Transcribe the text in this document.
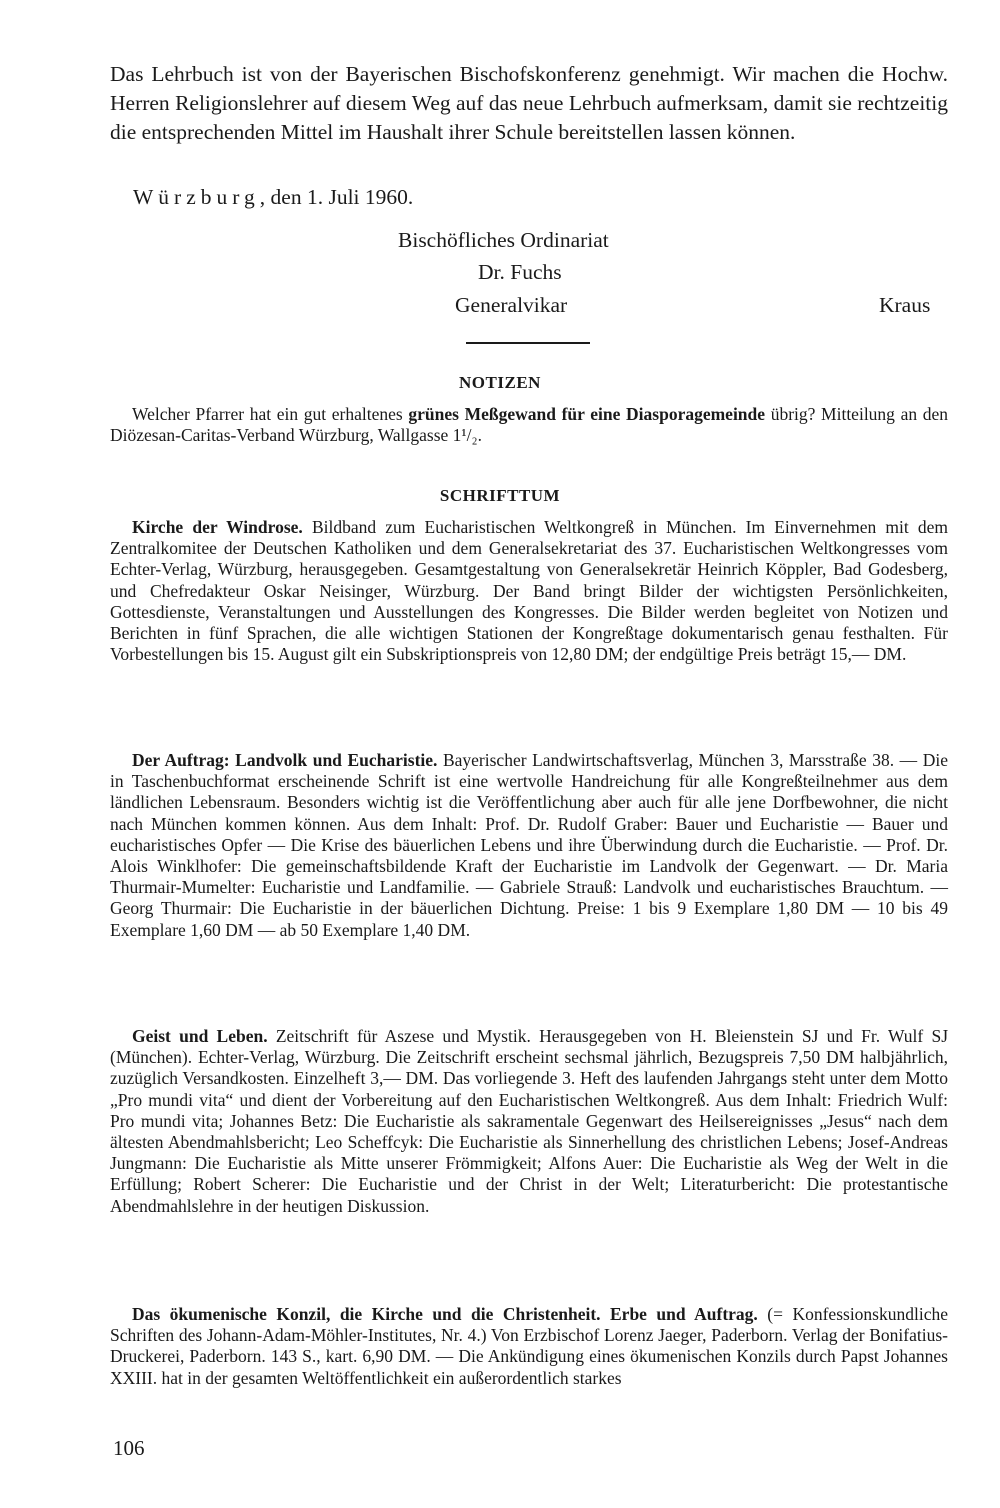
Das Lehrbuch ist von der Bayerischen Bischofskonferenz genehmigt. Wir machen die Hochw. Herren Religionslehrer auf diesem Weg auf das neue Lehrbuch aufmerksam, damit sie rechtzeitig die entsprechenden Mittel im Haushalt ihrer Schule bereitstellen lassen können.

Würzburg, den 1. Juli 1960.

Bischöfliches Ordinariat

Dr. Fuchs

Generalvikar	Kraus

NOTIZEN

Welcher Pfarrer hat ein gut erhaltenes grünes Meßgewand für eine Diasporagemeinde übrig? Mitteilung an den Diözesan-Caritas-Verband Würzburg, Wallgasse 1¹/₂.

SCHRIFTTUM

Kirche der Windrose. Bildband zum Eucharistischen Weltkongreß in München. Im Einvernehmen mit dem Zentralkomitee der Deutschen Katholiken und dem Generalsekretariat des 37. Eucharistischen Weltkongresses vom Echter-Verlag, Würzburg, herausgegeben. Gesamtgestaltung von Generalsekretär Heinrich Köppler, Bad Godesberg, und Chefredakteur Oskar Neisinger, Würzburg. Der Band bringt Bilder der wichtigsten Persönlichkeiten, Gottesdienste, Veranstaltungen und Ausstellungen des Kongresses. Die Bilder werden begleitet von Notizen und Berichten in fünf Sprachen, die alle wichtigen Stationen der Kongreßtage dokumentarisch genau festhalten. Für Vorbestellungen bis 15. August gilt ein Subskriptionspreis von 12,80 DM; der endgültige Preis beträgt 15,— DM.

Der Auftrag: Landvolk und Eucharistie. Bayerischer Landwirtschaftsverlag, München 3, Marsstraße 38. — Die in Taschenbuchformat erscheinende Schrift ist eine wertvolle Handreichung für alle Kongreßteilnehmer aus dem ländlichen Lebensraum. Besonders wichtig ist die Veröffentlichung aber auch für alle jene Dorfbewohner, die nicht nach München kommen können. Aus dem Inhalt: Prof. Dr. Rudolf Graber: Bauer und Eucharistie — Bauer und eucharistisches Opfer — Die Krise des bäuerlichen Lebens und ihre Überwindung durch die Eucharistie. — Prof. Dr. Alois Winklhofer: Die gemeinschaftsbildende Kraft der Eucharistie im Landvolk der Gegenwart. — Dr. Maria Thurmair-Mumelter: Eucharistie und Landfamilie. — Gabriele Strauß: Landvolk und eucharistisches Brauchtum. — Georg Thurmair: Die Eucharistie in der bäuerlichen Dichtung. Preise: 1 bis 9 Exemplare 1,80 DM — 10 bis 49 Exemplare 1,60 DM — ab 50 Exemplare 1,40 DM.

Geist und Leben. Zeitschrift für Aszese und Mystik. Herausgegeben von H. Bleienstein SJ und Fr. Wulf SJ (München). Echter-Verlag, Würzburg. Die Zeitschrift erscheint sechsmal jährlich, Bezugspreis 7,50 DM halbjährlich, zuzüglich Versandkosten. Einzelheft 3,— DM. Das vorliegende 3. Heft des laufenden Jahrgangs steht unter dem Motto „Pro mundi vita“ und dient der Vorbereitung auf den Eucharistischen Weltkongreß. Aus dem Inhalt: Friedrich Wulf: Pro mundi vita; Johannes Betz: Die Eucharistie als sakramentale Gegenwart des Heilsereignisses „Jesus“ nach dem ältesten Abendmahlsbericht; Leo Scheffcyk: Die Eucharistie als Sinnerhellung des christlichen Lebens; Josef-Andreas Jungmann: Die Eucharistie als Mitte unserer Frömmigkeit; Alfons Auer: Die Eucharistie als Weg der Welt in die Erfüllung; Robert Scherer: Die Eucharistie und der Christ in der Welt; Literaturbericht: Die protestantische Abendmahlslehre in der heutigen Diskussion.

Das ökumenische Konzil, die Kirche und die Christenheit. Erbe und Auftrag. (= Konfessionskundliche Schriften des Johann-Adam-Möhler-Institutes, Nr. 4.) Von Erzbischof Lorenz Jaeger, Paderborn. Verlag der Bonifatius-Druckerei, Paderborn. 143 S., kart. 6,90 DM. — Die Ankündigung eines ökumenischen Konzils durch Papst Johannes XXIII. hat in der gesamten Weltöffentlichkeit ein außerordentlich starkes

106
